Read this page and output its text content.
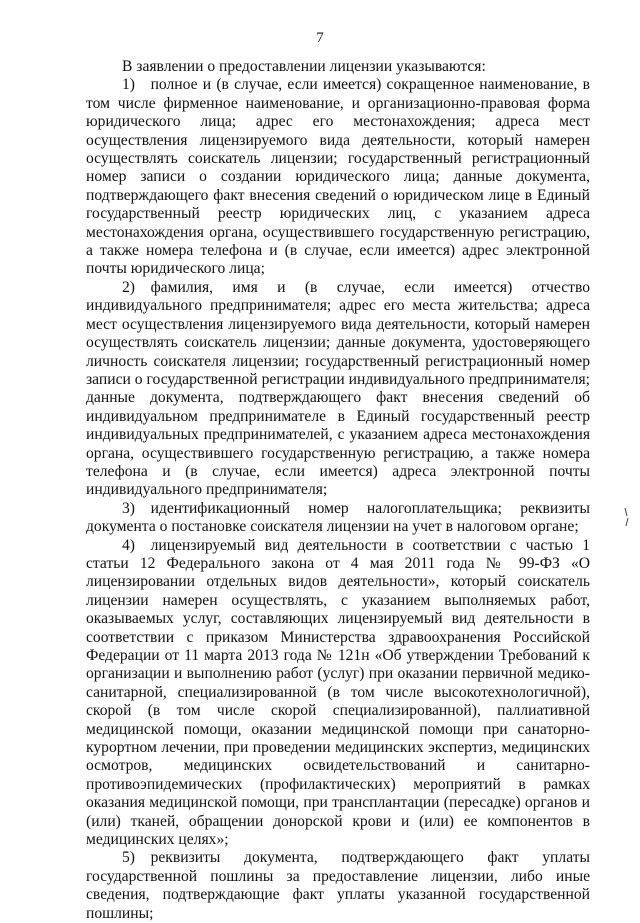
7

В заявлении о предоставлении лицензии указываются:

1) полное и (в случае, если имеется) сокращенное наименование, в том числе фирменное наименование, и организационно-правовая форма юридического лица; адрес его местонахождения; адреса мест осуществления лицензируемого вида деятельности, который намерен осуществлять соискатель лицензии; государственный регистрационный номер записи о создании юридического лица; данные документа, подтверждающего факт внесения сведений о юридическом лице в Единый государственный реестр юридических лиц, с указанием адреса местонахождения органа, осуществившего государственную регистрацию, а также номера телефона и (в случае, если имеется) адрес электронной почты юридического лица;

2) фамилия, имя и (в случае, если имеется) отчество индивидуального предпринимателя; адрес его места жительства; адреса мест осуществления лицензируемого вида деятельности, который намерен осуществлять соискатель лицензии; данные документа, удостоверяющего личность соискателя лицензии; государственный регистрационный номер записи о государственной регистрации индивидуального предпринимателя; данные документа, подтверждающего факт внесения сведений об индивидуальном предпринимателе в Единый государственный реестр индивидуальных предпринимателей, с указанием адреса местонахождения органа, осуществившего государственную регистрацию, а также номера телефона и (в случае, если имеется) адреса электронной почты индивидуального предпринимателя;

3) идентификационный номер налогоплательщика; реквизиты документа о постановке соискателя лицензии на учет в налоговом органе;

4) лицензируемый вид деятельности в соответствии с частью 1 статьи 12 Федерального закона от 4 мая 2011 года № 99-ФЗ «О лицензировании отдельных видов деятельности», который соискатель лицензии намерен осуществлять, с указанием выполняемых работ, оказываемых услуг, составляющих лицензируемый вид деятельности в соответствии с приказом Министерства здравоохранения Российской Федерации от 11 марта 2013 года № 121н «Об утверждении Требований к организации и выполнению работ (услуг) при оказании первичной медико-санитарной, специализированной (в том числе высокотехнологичной), скорой (в том числе скорой специализированной), паллиативной медицинской помощи, оказании медицинской помощи при санаторно-курортном лечении, при проведении медицинских экспертиз, медицинских осмотров, медицинских освидетельствований и санитарно-противоэпидемических (профилактических) мероприятий в рамках оказания медицинской помощи, при трансплантации (пересадке) органов и (или) тканей, обращении донорской крови и (или) ее компонентов в медицинских целях»;

5) реквизиты документа, подтверждающего факт уплаты государственной пошлины за предоставление лицензии, либо иные сведения, подтверждающие факт уплаты указанной государственной пошлины;
